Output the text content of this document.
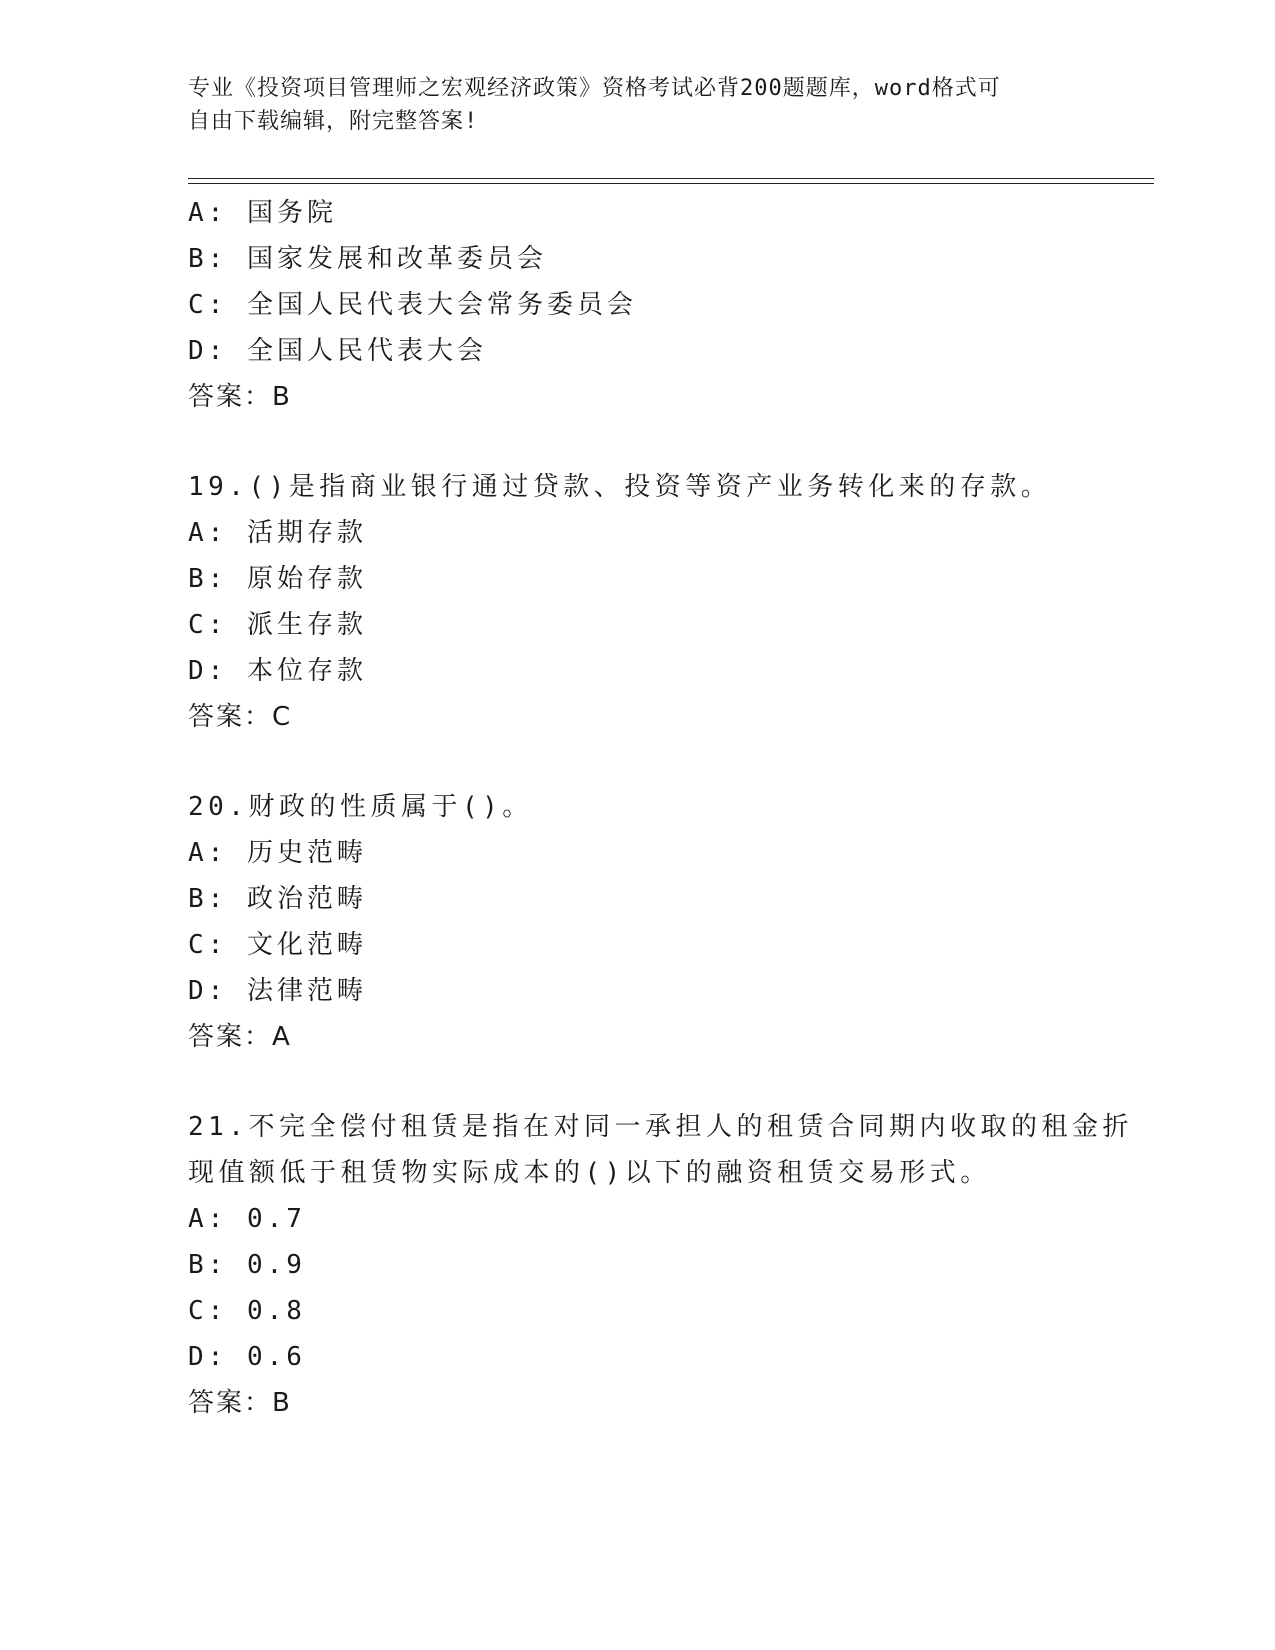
专业《投资项目管理师之宏观经济政策》资格考试必背200题题库，word格式可
自由下载编辑，附完整答案!
A: 国务院
B: 国家发展和改革委员会
C: 全国人民代表大会常务委员会
D: 全国人民代表大会
答案：B
19.()是指商业银行通过贷款、投资等资产业务转化来的存款。
A: 活期存款
B: 原始存款
C: 派生存款
D: 本位存款
答案：C
20.财政的性质属于()。
A: 历史范畴
B: 政治范畴
C: 文化范畴
D: 法律范畴
答案：A
21.不完全偿付租赁是指在对同一承担人的租赁合同期内收取的租金折
现值额低于租赁物实际成本的()以下的融资租赁交易形式。
A: 0.7
B: 0.9
C: 0.8
D: 0.6
答案：B
